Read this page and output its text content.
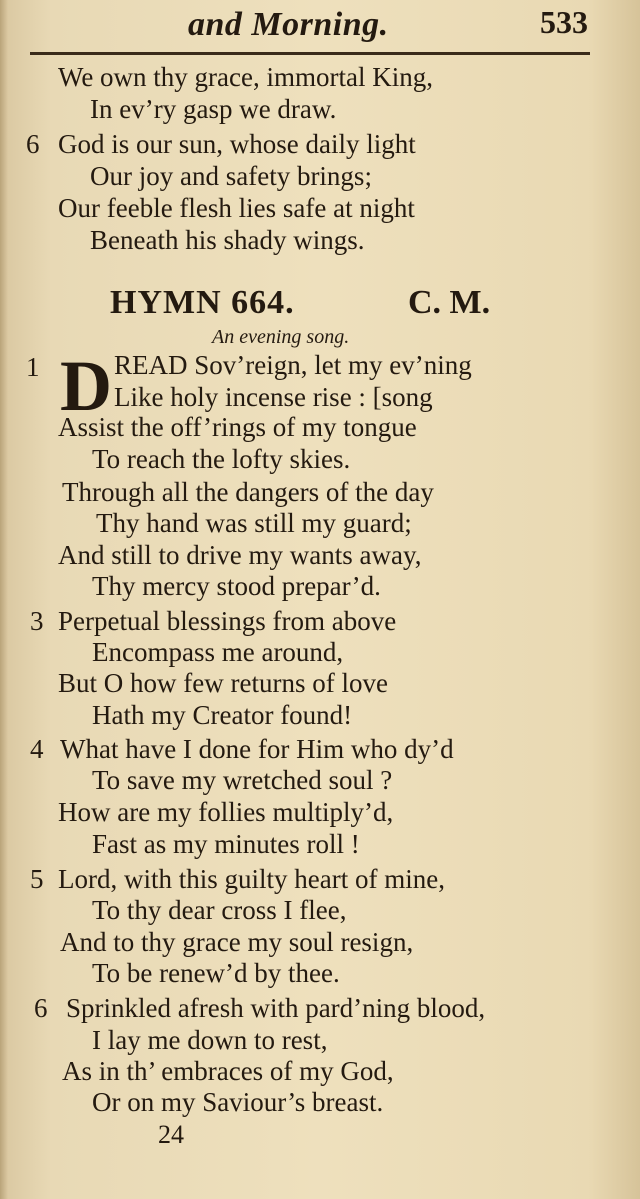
and Morning.	533
6
We own thy grace, immortal King,
In ev’ry gasp we draw.
God is our sun, whose daily light
Our joy and safety brings;
Our feeble flesh lies safe at night
Beneath his shady wings.
HYMN 664.	C. M.
An evening song.
1 D READ Sov’reign, let my ev’ning
Like holy incense rise : [song
Assist the off’rings of my tongue
To reach the lofty skies.
Through all the dangers of the day
Thy hand was still my guard;
And still to drive my wants away,
Thy mercy stood prepar’d.
3 Perpetual blessings from above
Encompass me around,
But O how few returns of love
Hath my Creator found!
4 What have I done for Him who dy’d
To save my wretched soul ?
How are my follies multiply’d,
Fast as my minutes roll !
5 Lord, with this guilty heart of mine,
To thy dear cross I flee,
And to thy grace my soul resign,
To be renew’d by thee.
6 Sprinkled afresh with pard’ning blood,
I lay me down to rest,
As in th’ embraces of my God,
Or on my Saviour’s breast.
24
